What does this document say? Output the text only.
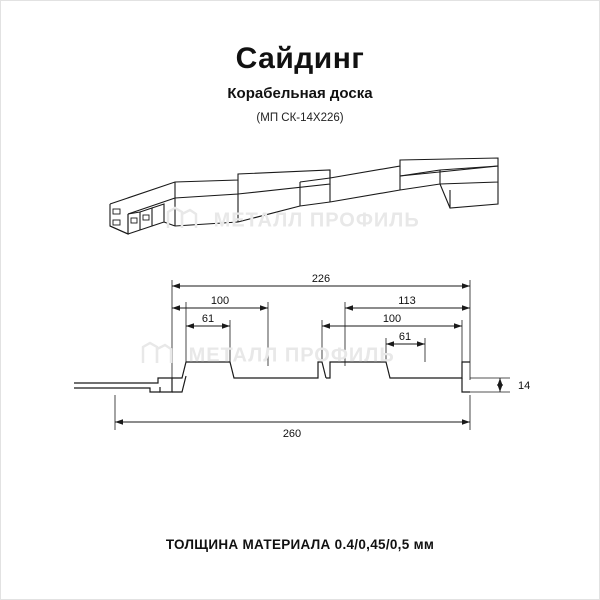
Сайдинг
Корабельная доска
(МП СК-14Х226)
226
100	113
61	100
61
260
14
МЕТАЛЛ ПРОФИЛЬ
МЕТАЛЛ ПРОФИЛЬ
ТОЛЩИНА МАТЕРИАЛА 0.4/0,45/0,5 мм
